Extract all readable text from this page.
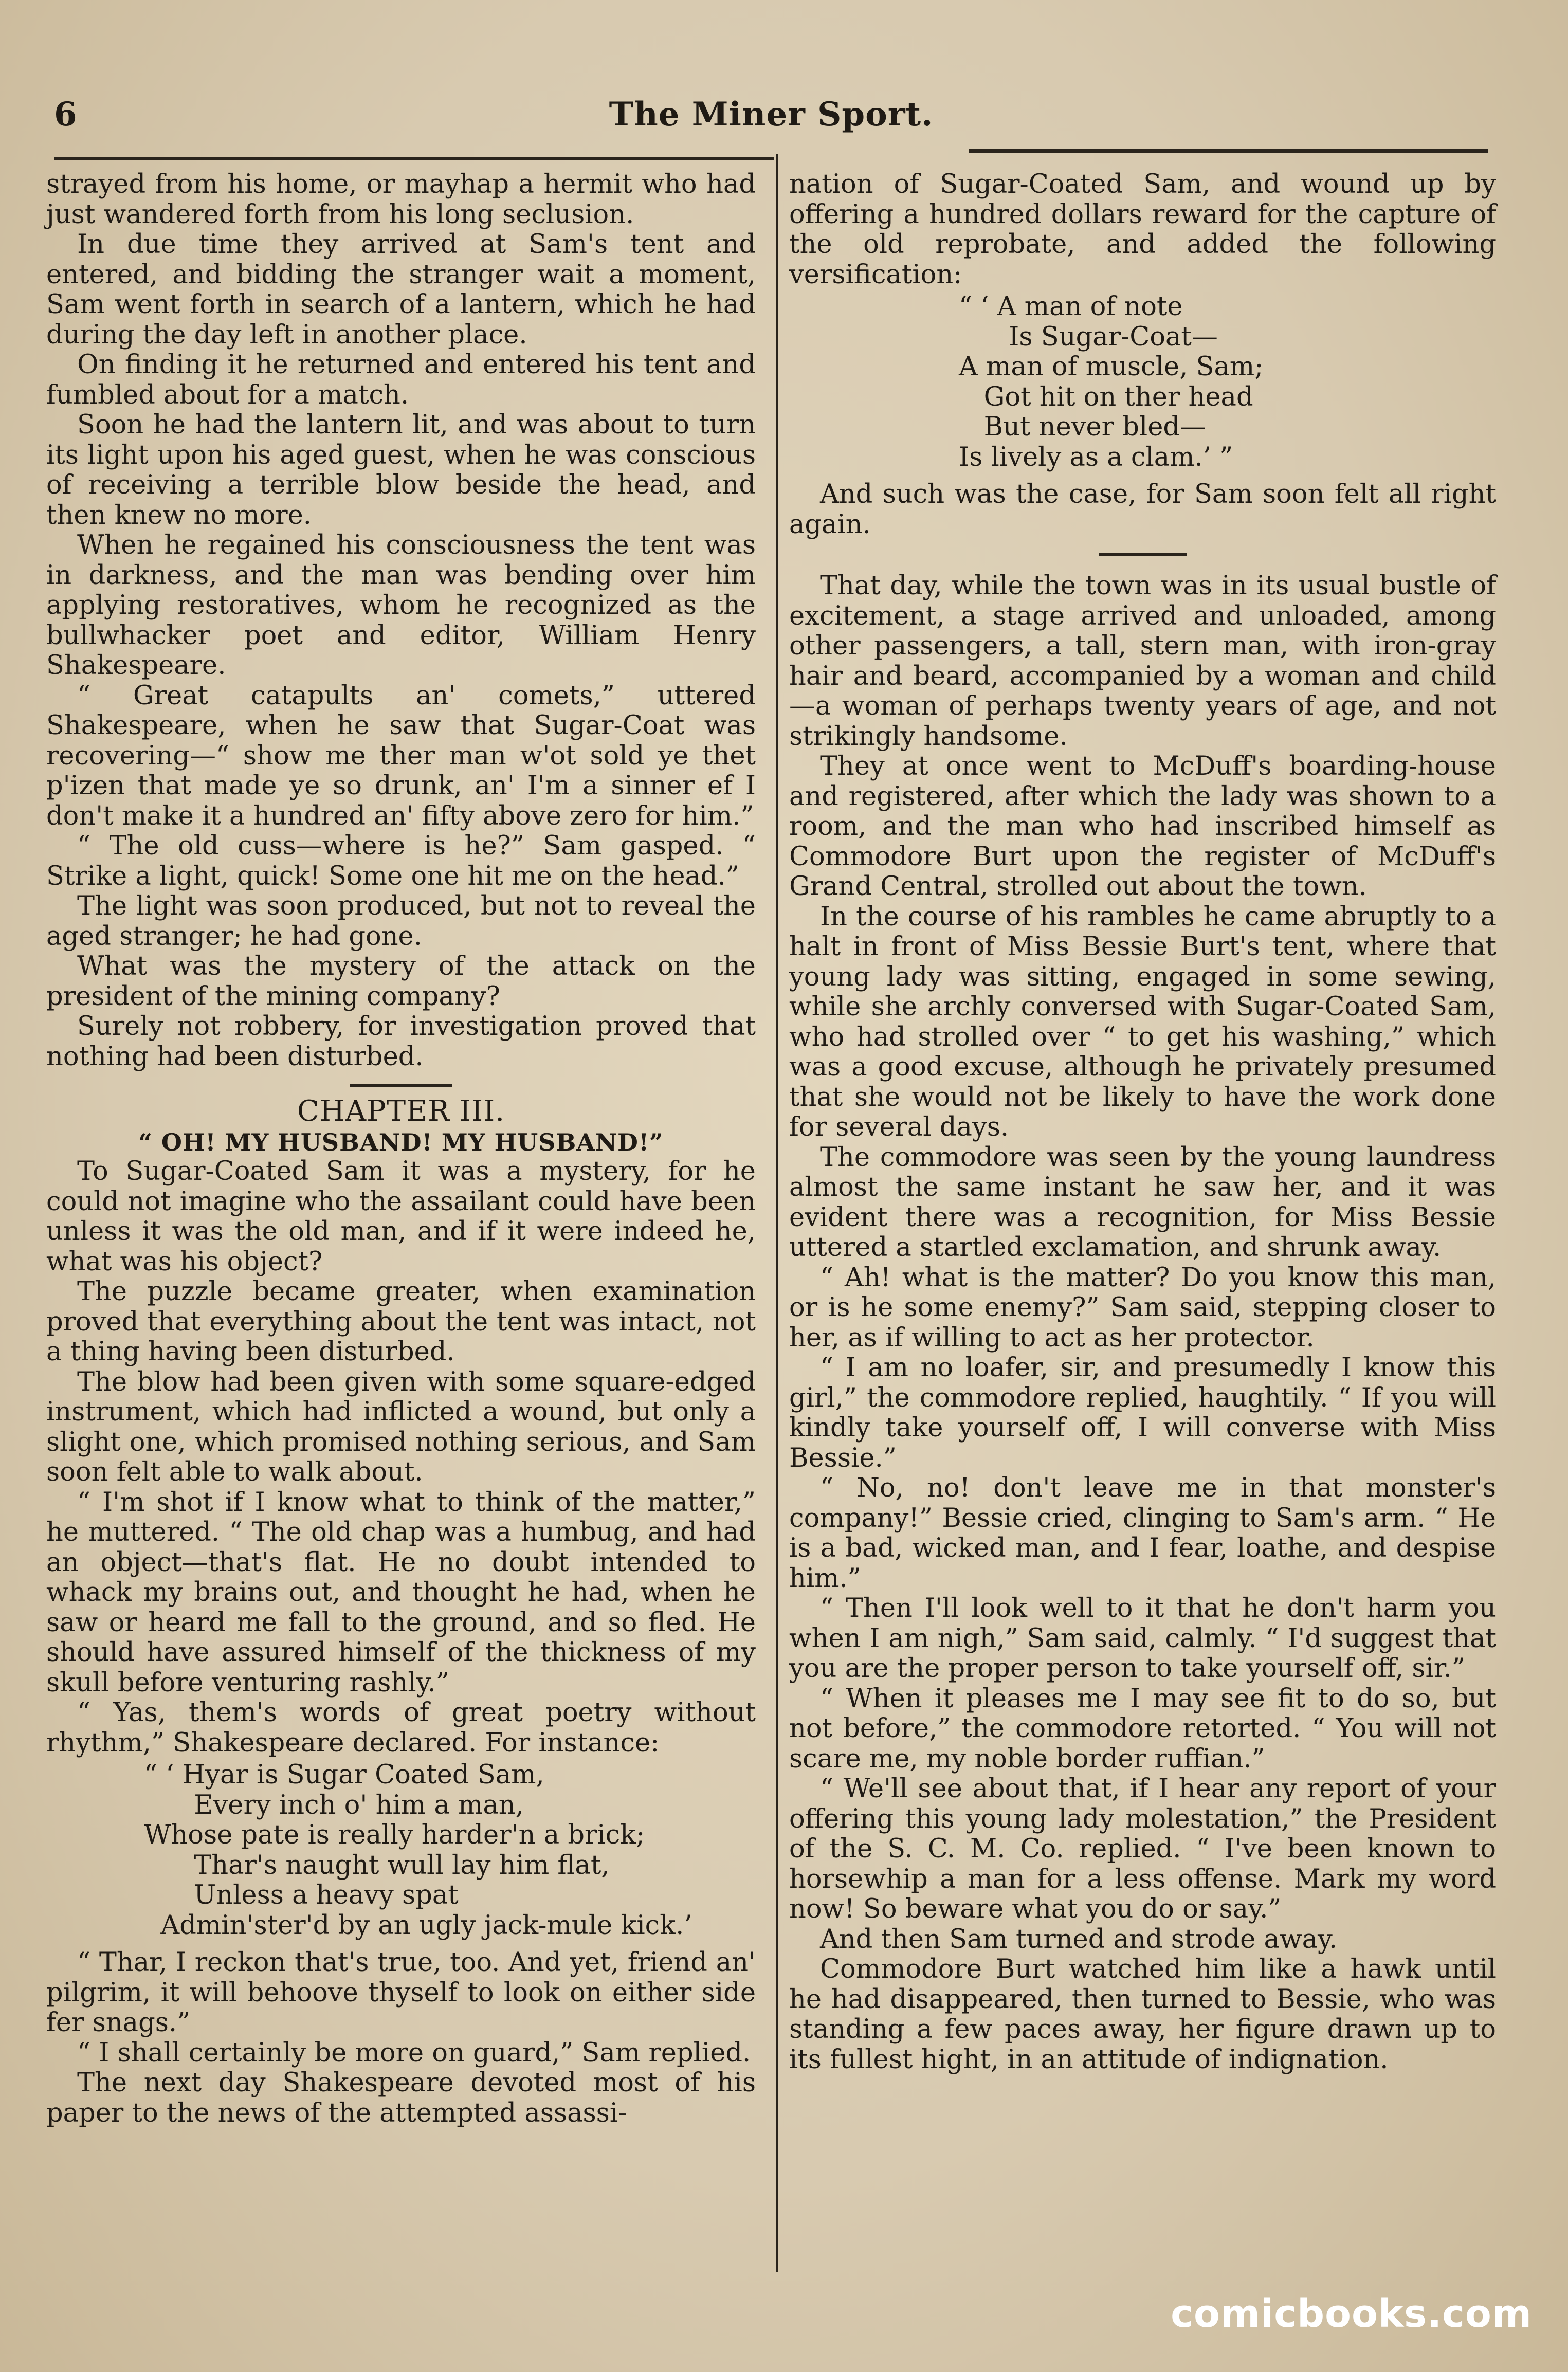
6	The Miner Sport.

strayed from his home, or mayhap a hermit who had just wandered forth from his long seclusion.

In due time they arrived at Sam's tent and entered, and bidding the stranger wait a moment, Sam went forth in search of a lantern, which he had during the day left in another place.

On finding it he returned and entered his tent and fumbled about for a match.

Soon he had the lantern lit, and was about to turn its light upon his aged guest, when he was conscious of receiving a terrible blow beside the head, and then knew no more.

When he regained his consciousness the tent was in darkness, and the man was bending over him applying restoratives, whom he recognized as the bullwhacker poet and editor, William Henry Shakespeare.

“ Great catapults an' comets,” uttered Shakespeare, when he saw that Sugar-Coat was recovering—“ show me ther man w'ot sold ye thet p'izen that made ye so drunk, an' I'm a sinner ef I don't make it a hundred an' fifty above zero for him.”

“ The old cuss—where is he?” Sam gasped. “ Strike a light, quick! Some one hit me on the head.”

The light was soon produced, but not to reveal the aged stranger; he had gone.

What was the mystery of the attack on the president of the mining company?

Surely not robbery, for investigation proved that nothing had been disturbed.

CHAPTER III.
“ OH! MY HUSBAND! MY HUSBAND!”

To Sugar-Coated Sam it was a mystery, for he could not imagine who the assailant could have been unless it was the old man, and if it were indeed he, what was his object?

The puzzle became greater, when examination proved that everything about the tent was intact, not a thing having been disturbed.

The blow had been given with some square-edged instrument, which had inflicted a wound, but only a slight one, which promised nothing serious, and Sam soon felt able to walk about.

“ I'm shot if I know what to think of the matter,” he muttered. “ The old chap was a humbug, and had an object—that's flat. He no doubt intended to whack my brains out, and thought he had, when he saw or heard me fall to the ground, and so fled. He should have assured himself of the thickness of my skull before venturing rashly.”

“ Yas, them's words of great poetry without rhythm,” Shakespeare declared. For instance:

“ ‘ Hyar is Sugar Coated Sam,
Every inch o' him a man,
Whose pate is really harder'n a brick;
Thar's naught wull lay him flat,
Unless a heavy spat
Admin'ster'd by an ugly jack-mule kick.’

“ Thar, I reckon that's true, too. And yet, friend an' pilgrim, it will behoove thyself to look on either side fer snags.”

“ I shall certainly be more on guard,” Sam replied.

The next day Shakespeare devoted most of his paper to the news of the attempted assassi-

nation of Sugar-Coated Sam, and wound up by offering a hundred dollars reward for the capture of the old reprobate, and added the following versification:

“ ‘ A man of note
Is Sugar-Coat—
A man of muscle, Sam;
Got hit on ther head
But never bled—
Is lively as a clam.’ ”

And such was the case, for Sam soon felt all right again.

That day, while the town was in its usual bustle of excitement, a stage arrived and unloaded, among other passengers, a tall, stern man, with iron-gray hair and beard, accompanied by a woman and child—a woman of perhaps twenty years of age, and not strikingly handsome.

They at once went to McDuff's boarding-house and registered, after which the lady was shown to a room, and the man who had inscribed himself as Commodore Burt upon the register of McDuff's Grand Central, strolled out about the town.

In the course of his rambles he came abruptly to a halt in front of Miss Bessie Burt's tent, where that young lady was sitting, engaged in some sewing, while she archly conversed with Sugar-Coated Sam, who had strolled over “ to get his washing,” which was a good excuse, although he privately presumed that she would not be likely to have the work done for several days.

The commodore was seen by the young laundress almost the same instant he saw her, and it was evident there was a recognition, for Miss Bessie uttered a startled exclamation, and shrunk away.

“ Ah! what is the matter? Do you know this man, or is he some enemy?” Sam said, stepping closer to her, as if willing to act as her protector.

“ I am no loafer, sir, and presumedly I know this girl,” the commodore replied, haughtily. “ If you will kindly take yourself off, I will converse with Miss Bessie.”

“ No, no! don't leave me in that monster's company!” Bessie cried, clinging to Sam's arm. “ He is a bad, wicked man, and I fear, loathe, and despise him.”

“ Then I'll look well to it that he don't harm you when I am nigh,” Sam said, calmly. “ I'd suggest that you are the proper person to take yourself off, sir.”

“ When it pleases me I may see fit to do so, but not before,” the commodore retorted. “ You will not scare me, my noble border ruffian.”

“ We'll see about that, if I hear any report of your offering this young lady molestation,” the President of the S. C. M. Co. replied. “ I've been known to horsewhip a man for a less offense. Mark my word now! So beware what you do or say.”

And then Sam turned and strode away.

Commodore Burt watched him like a hawk until he had disappeared, then turned to Bessie, who was standing a few paces away, her figure drawn up to its fullest hight, in an attitude of indignation.

comicbooks.com
